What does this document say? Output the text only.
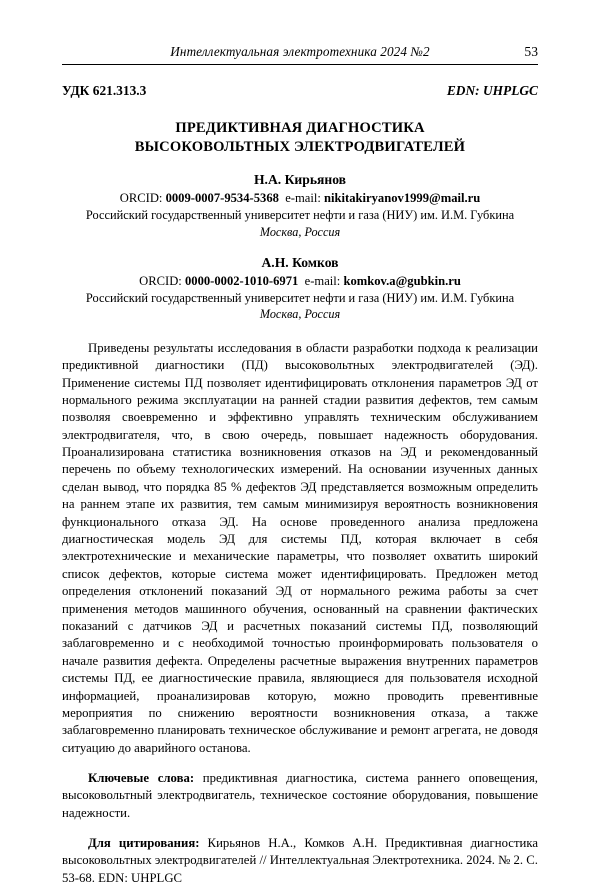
Интеллектуальная электротехника 2024 №2	53
УДК 621.313.3	EDN: UHPLGC
ПРЕДИКТИВНАЯ ДИАГНОСТИКА
ВЫСОКОВОЛЬТНЫХ ЭЛЕКТРОДВИГАТЕЛЕЙ
Н.А. Кирьянов
ORCID: 0009-0007-9534-5368 e-mail: nikitakiryanov1999@mail.ru
Российский государственный университет нефти и газа (НИУ) им. И.М. Губкина
Москва, Россия
А.Н. Комков
ORCID: 0000-0002-1010-6971 e-mail: komkov.a@gubkin.ru
Российский государственный университет нефти и газа (НИУ) им. И.М. Губкина
Москва, Россия

Приведены результаты исследования в области разработки подхода к реализации предиктивной диагностики (ПД) высоковольтных электродвигателей (ЭД). Применение системы ПД позволяет идентифицировать отклонения параметров ЭД от нормального режима эксплуатации на ранней стадии развития дефектов, тем самым позволяя своевременно и эффективно управлять техническим обслуживанием электродвигателя, что, в свою очередь, повышает надежность оборудования. Проанализирована статистика возникновения отказов на ЭД и рекомендованный перечень по объему технологических измерений. На основании изученных данных сделан вывод, что порядка 85 % дефектов ЭД представляется возможным определить на раннем этапе их развития, тем самым минимизируя вероятность возникновения функционального отказа ЭД. На основе проведенного анализа предложена диагностическая модель ЭД для системы ПД, которая включает в себя электротехнические и механические параметры, что позволяет охватить широкий список дефектов, которые система может идентифицировать. Предложен метод определения отклонений показаний ЭД от нормального режима работы за счет применения методов машинного обучения, основанный на сравнении фактических показаний с датчиков ЭД и расчетных показаний системы ПД, позволяющий заблаговременно и с необходимой точностью проинформировать пользователя о начале развития дефекта. Определены расчетные выражения внутренних параметров системы ПД, ее диагностические правила, являющиеся для пользователя исходной информацией, проанализировав которую, можно проводить превентивные мероприятия по снижению вероятности возникновения отказа, а также заблаговременно планировать техническое обслуживание и ремонт агрегата, не доводя ситуацию до аварийного останова.

Ключевые слова: предиктивная диагностика, система раннего оповещения, высоковольтный электродвигатель, техническое состояние оборудования, повышение надежности.

Для цитирования: Кирьянов Н.А., Комков А.Н. Предиктивная диагностика высоковольтных электродвигателей // Интеллектуальная Электротехника. 2024. № 2. С. 53-68. EDN: UHPLGC
